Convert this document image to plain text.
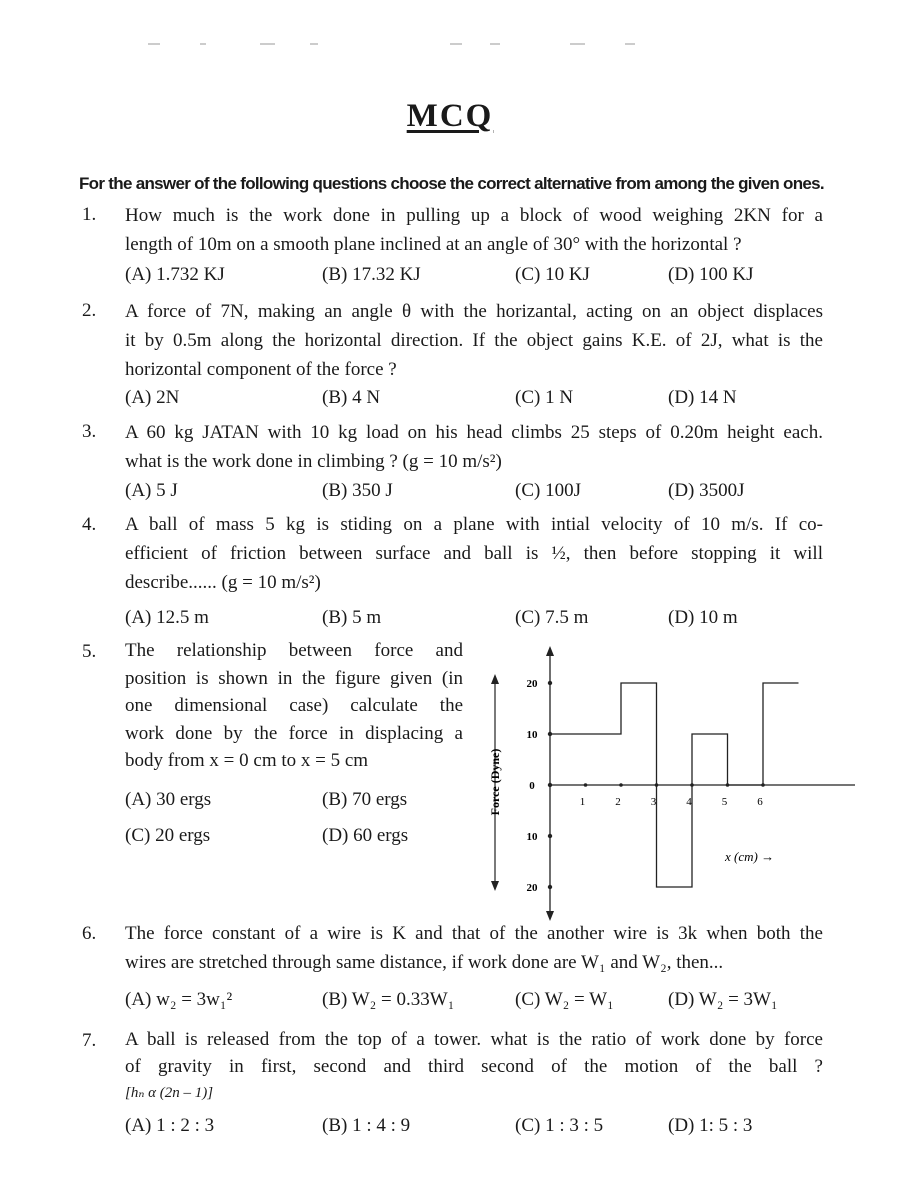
MCQ
For the answer of the following questions choose the correct alternative from among the given ones.
1. How much is the work done in pulling up a block of wood weighing 2KN for a
length of 10m on a smooth plane inclined at an angle of 30° with the horizontal ?
(A) 1.732 KJ	(B) 17.32 KJ	(C) 10 KJ	(D) 100 KJ
2. A force of 7N, making an angle θ with the horizantal, acting on an object displaces
it by 0.5m along the horizontal direction. If the object gains K.E. of 2J, what is the
horizontal component of the force ?
(A) 2N	(B) 4 N	(C) 1 N	(D) 14 N
3. A 60 kg JATAN with 10 kg load on his head climbs 25 steps of 0.20m height each.
what is the work done in climbing ? (g = 10 m/s²)
(A) 5 J	(B) 350 J	(C) 100J	(D) 3500J
4. A ball of mass 5 kg is stiding on a plane with intial velocity of 10 m/s. If co-
efficient of friction between surface and ball is ½, then before stopping it will
describe...... (g = 10 m/s²)
(A) 12.5 m	(B) 5 m	(C) 7.5 m	(D) 10 m
5. The relationship between force and
position is shown in the figure given (in
one dimensional case) calculate the
work done by the force in displacing a
body from x = 0 cm to x = 5 cm
(A) 30 ergs	(B) 70 ergs
(C) 20 ergs	(D) 60 ergs
Force (Dyne)	1	2	3	4	5	6
20
10
0
10
20
x (cm) →
6. The force constant of a wire is K and that of the another wire is 3k when both the
wires are stretched through same distance, if work done are W₁ and W₂, then...
(A) w₂ = 3w₁²	(B) W₂ = 0.33W₁	(C) W₂ = W₁	(D) W₂ = 3W₁
7. A ball is released from the top of a tower. what is the ratio of work done by force
of gravity in first, second and third second of the motion of the ball ?
[hₙ α (2n – 1)]
(A) 1 : 2 : 3	(B) 1 : 4 : 9	(C) 1 : 3 : 5	(D) 1: 5 : 3
